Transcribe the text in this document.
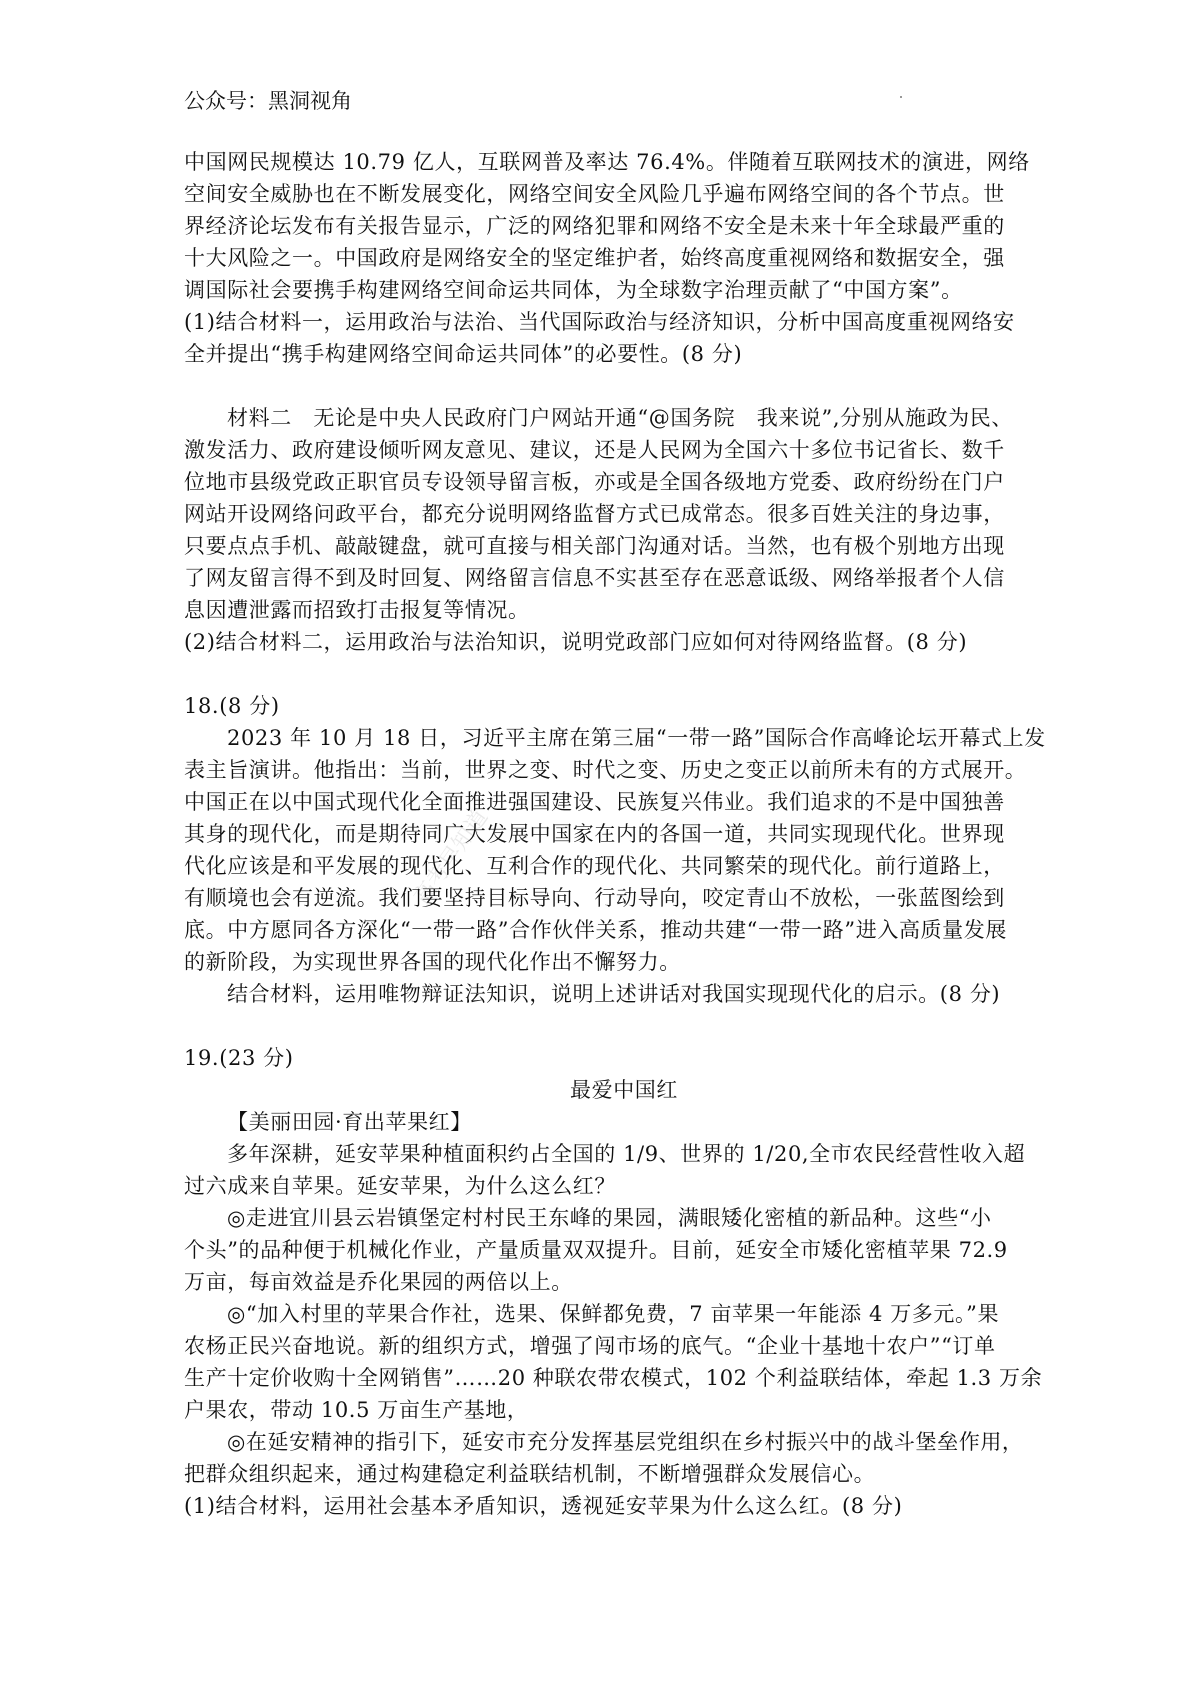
公众号：黑洞视角
高考早知道
中国网民规模达 10.79 亿人，互联网普及率达 76.4%。伴随着互联网技术的演进，网络
空间安全威胁也在不断发展变化，网络空间安全风险几乎遍布网络空间的各个节点。世
界经济论坛发布有关报告显示，广泛的网络犯罪和网络不安全是未来十年全球最严重的
十大风险之一。中国政府是网络安全的坚定维护者，始终高度重视网络和数据安全，强
调国际社会要携手构建网络空间命运共同体，为全球数字治理贡献了“中国方案”。
(1)结合材料一，运用政治与法治、当代国际政治与经济知识，分析中国高度重视网络安
全并提出“携手构建网络空间命运共同体”的必要性。(8 分)
材料二　无论是中央人民政府门户网站开通“@国务院　我来说”,分别从施政为民、
激发活力、政府建设倾听网友意见、建议，还是人民网为全国六十多位书记省长、数千
位地市县级党政正职官员专设领导留言板，亦或是全国各级地方党委、政府纷纷在门户
网站开设网络问政平台，都充分说明网络监督方式已成常态。很多百姓关注的身边事，
只要点点手机、敲敲键盘，就可直接与相关部门沟通对话。当然，也有极个别地方出现
了网友留言得不到及时回复、网络留言信息不实甚至存在恶意诋级、网络举报者个人信
息因遭泄露而招致打击报复等情况。
(2)结合材料二，运用政治与法治知识，说明党政部门应如何对待网络监督。(8 分)
18.(8 分)
2023 年 10 月 18 日，习近平主席在第三届“一带一路”国际合作高峰论坛开幕式上发
表主旨演讲。他指出：当前，世界之变、时代之变、历史之变正以前所未有的方式展开。
中国正在以中国式现代化全面推进强国建设、民族复兴伟业。我们追求的不是中国独善
其身的现代化，而是期待同广大发展中国家在内的各国一道，共同实现现代化。世界现
代化应该是和平发展的现代化、互利合作的现代化、共同繁荣的现代化。前行道路上，
有顺境也会有逆流。我们要坚持目标导向、行动导向，咬定青山不放松，一张蓝图绘到
底。中方愿同各方深化“一带一路”合作伙伴关系，推动共建“一带一路”进入高质量发展
的新阶段，为实现世界各国的现代化作出不懈努力。
结合材料，运用唯物辩证法知识，说明上述讲话对我国实现现代化的启示。(8 分)
19.(23 分)
最爱中国红
【美丽田园·育出苹果红】
多年深耕，延安苹果种植面积约占全国的 1/9、世界的 1/20,全市农民经营性收入超
过六成来自苹果。延安苹果，为什么这么红？
◎走进宜川县云岩镇堡定村村民王东峰的果园，满眼矮化密植的新品种。这些“小
个头”的品种便于机械化作业，产量质量双双提升。目前，延安全市矮化密植苹果 72.9
万亩，每亩效益是乔化果园的两倍以上。
◎“加入村里的苹果合作社，选果、保鲜都免费，7 亩苹果一年能添 4 万多元。”果
农杨正民兴奋地说。新的组织方式，增强了闯市场的底气。“企业十基地十农户”“订单
生产十定价收购十全网销售”……20 种联农带农模式，102 个利益联结体，牵起 1.3 万余
户果农，带动 10.5 万亩生产基地，
◎在延安精神的指引下，延安市充分发挥基层党组织在乡村振兴中的战斗堡垒作用，
把群众组织起来，通过构建稳定利益联结机制，不断增强群众发展信心。
(1)结合材料，运用社会基本矛盾知识，透视延安苹果为什么这么红。(8 分)
